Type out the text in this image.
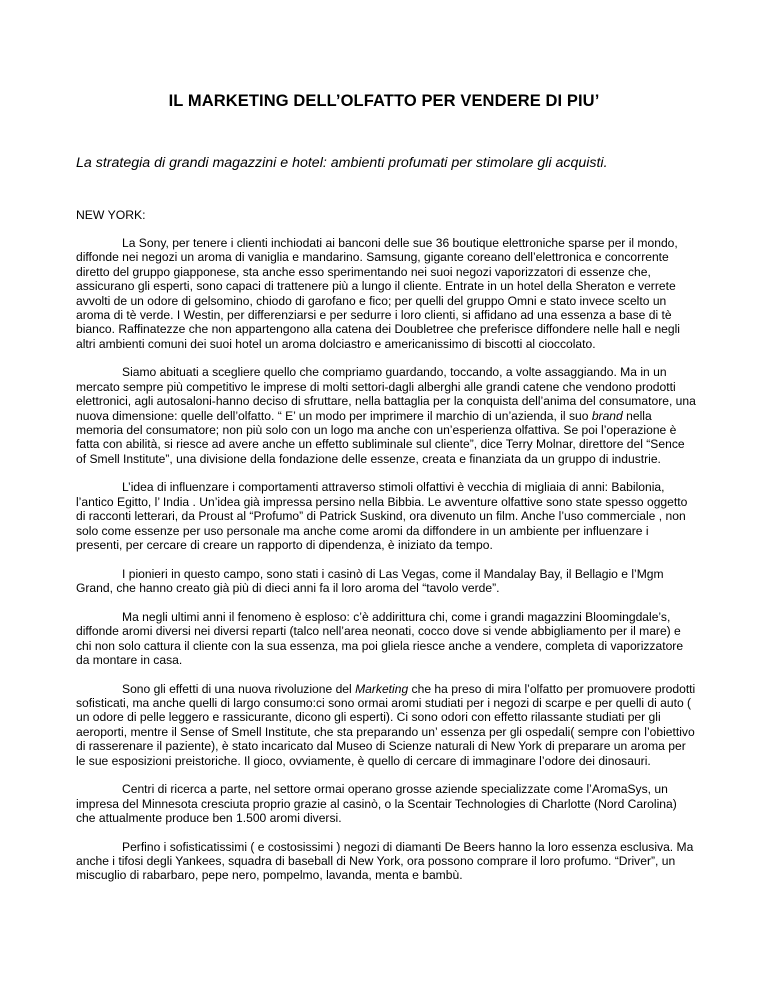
IL MARKETING DELL’OLFATTO PER VENDERE DI PIU’

La strategia di grandi magazzini e hotel: ambienti profumati per stimolare gli acquisti.

NEW YORK:

La Sony, per tenere i clienti inchiodati ai banconi delle sue 36 boutique elettroniche sparse per il mondo, diffonde nei negozi un aroma di vaniglia e mandarino. Samsung, gigante coreano dell’elettronica e concorrente diretto del gruppo giapponese, sta anche esso sperimentando nei suoi negozi vaporizzatori di essenze che, assicurano gli esperti, sono capaci di trattenere più a lungo il cliente. Entrate in un hotel della Sheraton e verrete avvolti de un odore di gelsomino, chiodo di garofano e fico; per quelli del gruppo Omni e stato invece scelto un aroma di tè verde. I Westin, per differenziarsi e per sedurre i loro clienti, si affidano ad una essenza a base di tè bianco. Raffinatezze che non appartengono alla catena dei Doubletree che preferisce diffondere nelle hall e negli altri ambienti comuni dei suoi hotel un aroma dolciastro e americanissimo di biscotti al cioccolato.

Siamo abituati a scegliere quello che compriamo guardando, toccando, a volte assaggiando. Ma in un mercato sempre più competitivo le imprese di molti settori-dagli alberghi alle grandi catene che vendono prodotti elettronici, agli autosaloni-hanno deciso di sfruttare, nella battaglia per la conquista dell’anima del consumatore, una nuova dimensione: quelle dell’olfatto. “ E’ un modo per imprimere il marchio di un’azienda, il suo brand nella memoria del consumatore; non più solo con un logo ma anche con un’esperienza olfattiva. Se poi l’operazione è fatta con abilità, si riesce ad avere anche un effetto subliminale sul cliente”, dice Terry Molnar, direttore del “Sence of Smell Institute”, una divisione della fondazione delle essenze, creata e finanziata da un gruppo di industrie.

L’idea di influenzare i comportamenti attraverso stimoli olfattivi è vecchia di migliaia di anni: Babilonia, l’antico Egitto, l’ India . Un’idea già impressa persino nella Bibbia. Le avventure olfattive sono state spesso oggetto di racconti letterari, da Proust al “Profumo” di Patrick Suskind, ora divenuto un film. Anche l’uso commerciale , non solo come essenze per uso personale ma anche come aromi da diffondere in un ambiente per influenzare i presenti, per cercare di creare un rapporto di dipendenza, è iniziato da tempo.

I pionieri in questo campo, sono stati i casinò di Las Vegas, come il Mandalay Bay, il Bellagio e l’Mgm Grand, che hanno creato già più di dieci anni fa il loro aroma del “tavolo verde”.

Ma negli ultimi anni il fenomeno è esploso: c’è addirittura chi, come i grandi magazzini Bloomingdale’s, diffonde aromi diversi nei diversi reparti (talco nell’area neonati, cocco dove si vende abbigliamento per il mare) e chi non solo cattura il cliente con la sua essenza, ma poi gliela riesce anche a vendere, completa di vaporizzatore da montare in casa.

Sono gli effetti di una nuova rivoluzione del Marketing che ha preso di mira l’olfatto per promuovere prodotti sofisticati, ma anche quelli di largo consumo:ci sono ormai aromi studiati per i negozi di scarpe e per quelli di auto ( un odore di pelle leggero e rassicurante, dicono gli esperti). Ci sono odori con effetto rilassante studiati per gli aeroporti, mentre il Sense of Smell Institute, che sta preparando un’ essenza per gli ospedali( sempre con l’obiettivo di rasserenare il paziente), è stato incaricato dal Museo di Scienze naturali di New York di preparare un aroma per le sue esposizioni preistoriche. Il gioco, ovviamente, è quello di cercare di immaginare l’odore dei dinosauri.

Centri di ricerca a parte, nel settore ormai operano grosse aziende specializzate come l’AromaSys, un impresa del Minnesota cresciuta proprio grazie al casinò, o la Scentair Technologies di Charlotte (Nord Carolina) che attualmente produce ben 1.500 aromi diversi.

Perfino i sofisticatissimi ( e costosissimi ) negozi di diamanti De Beers hanno la loro essenza esclusiva. Ma anche i tifosi degli Yankees, squadra di baseball di New York, ora possono comprare il loro profumo. “Driver”, un miscuglio di rabarbaro, pepe nero, pompelmo, lavanda, menta e bambù.
